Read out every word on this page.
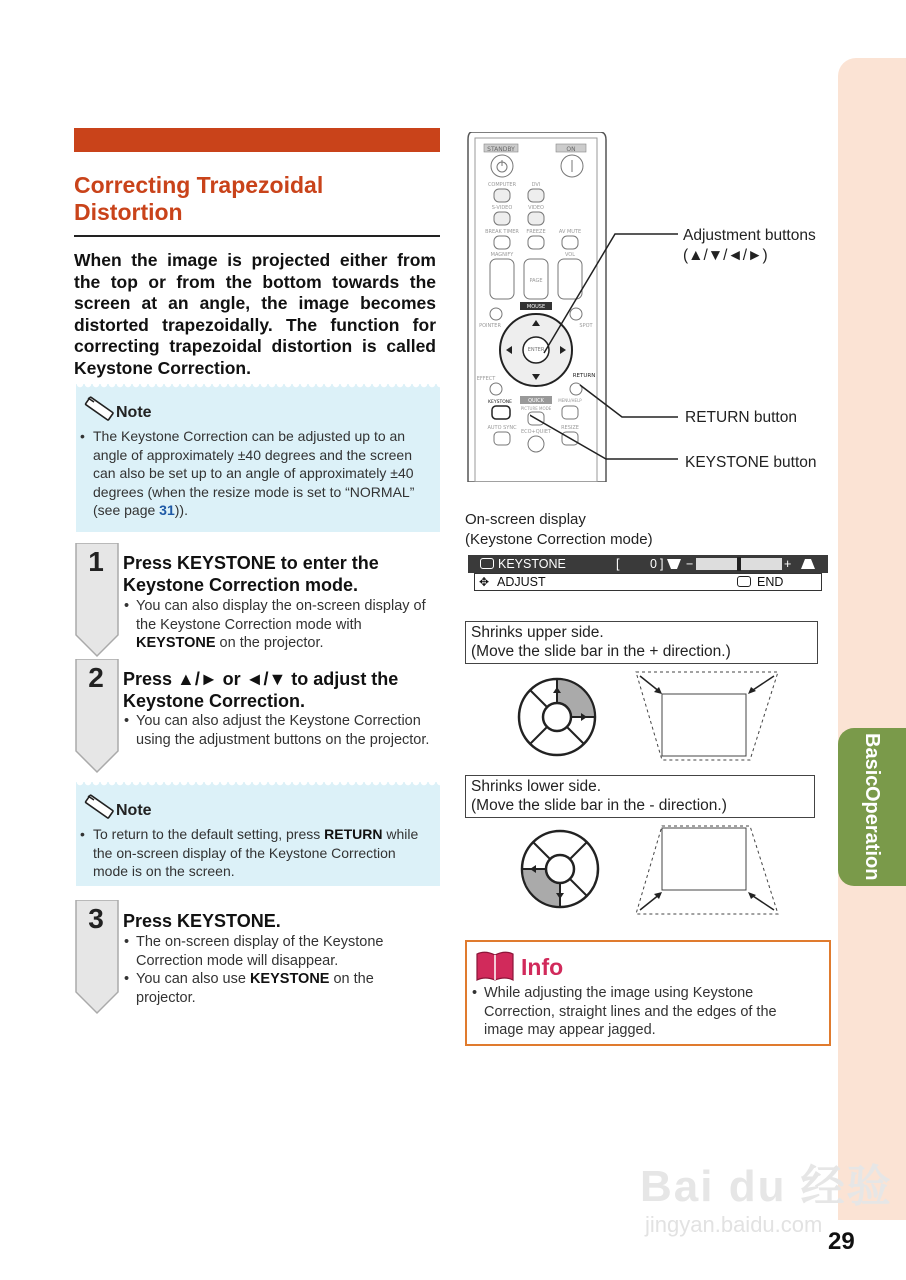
Basic
Operation
Bai du 经验
jingyan.baidu.com
29
Correcting Trapezoidal
Distortion
When the image is projected either from the top or from the bottom towards the screen at an angle, the image becomes distorted trapezoidally. The function for correcting trapezoidal distortion is called Keystone Correction.
Note
• The Keystone Correction can be adjusted up to an angle of approximately ±40 degrees and the screen can also be set up to an angle of approximately ±40 degrees (when the resize mode is set to “NORMAL” (see page 31)).
1	Press KEYSTONE to enter the Keystone Correction mode.
• You can also display the on-screen display of the Keystone Correction mode with KEYSTONE on the projector.
2	Press ▲/► or ◄/▼ to adjust the Keystone Correction.
• You can also adjust the Keystone Correction using the adjustment buttons on the projector.
Note
• To return to the default setting, press RETURN while the on-screen display of the Keystone Correction mode is on the screen.
3	Press KEYSTONE.
• The on-screen display of the Keystone Correction mode will disappear.
• You can also use KEYSTONE on the projector.
STANDBY	ON
COMPUTER	DVI
S-VIDEO	VIDEO
BREAK TIMER FREEZE	AV MUTE
MAGNIFY	VOL
PAGE
MOUSE
POINTER	SPOT
ENTER
EFFECT	RETURN
KEYSTONE	QUICK
PICTURE MODE
MENU/HELP
AUTO SYNC
ECO+QUIET
RESIZE
Adjustment buttons
(▲/▼/◄/►)
RETURN button
KEYSTONE button
On-screen display
(Keystone Correction mode)
KEYSTONE	[ 0 ] −	+
✥ ADJUST	END
Shrinks upper side.
(Move the slide bar in the + direction.)
Shrinks lower side.
(Move the slide bar in the - direction.)
Info
• While adjusting the image using Keystone Correction, straight lines and the edges of the image may appear jagged.
